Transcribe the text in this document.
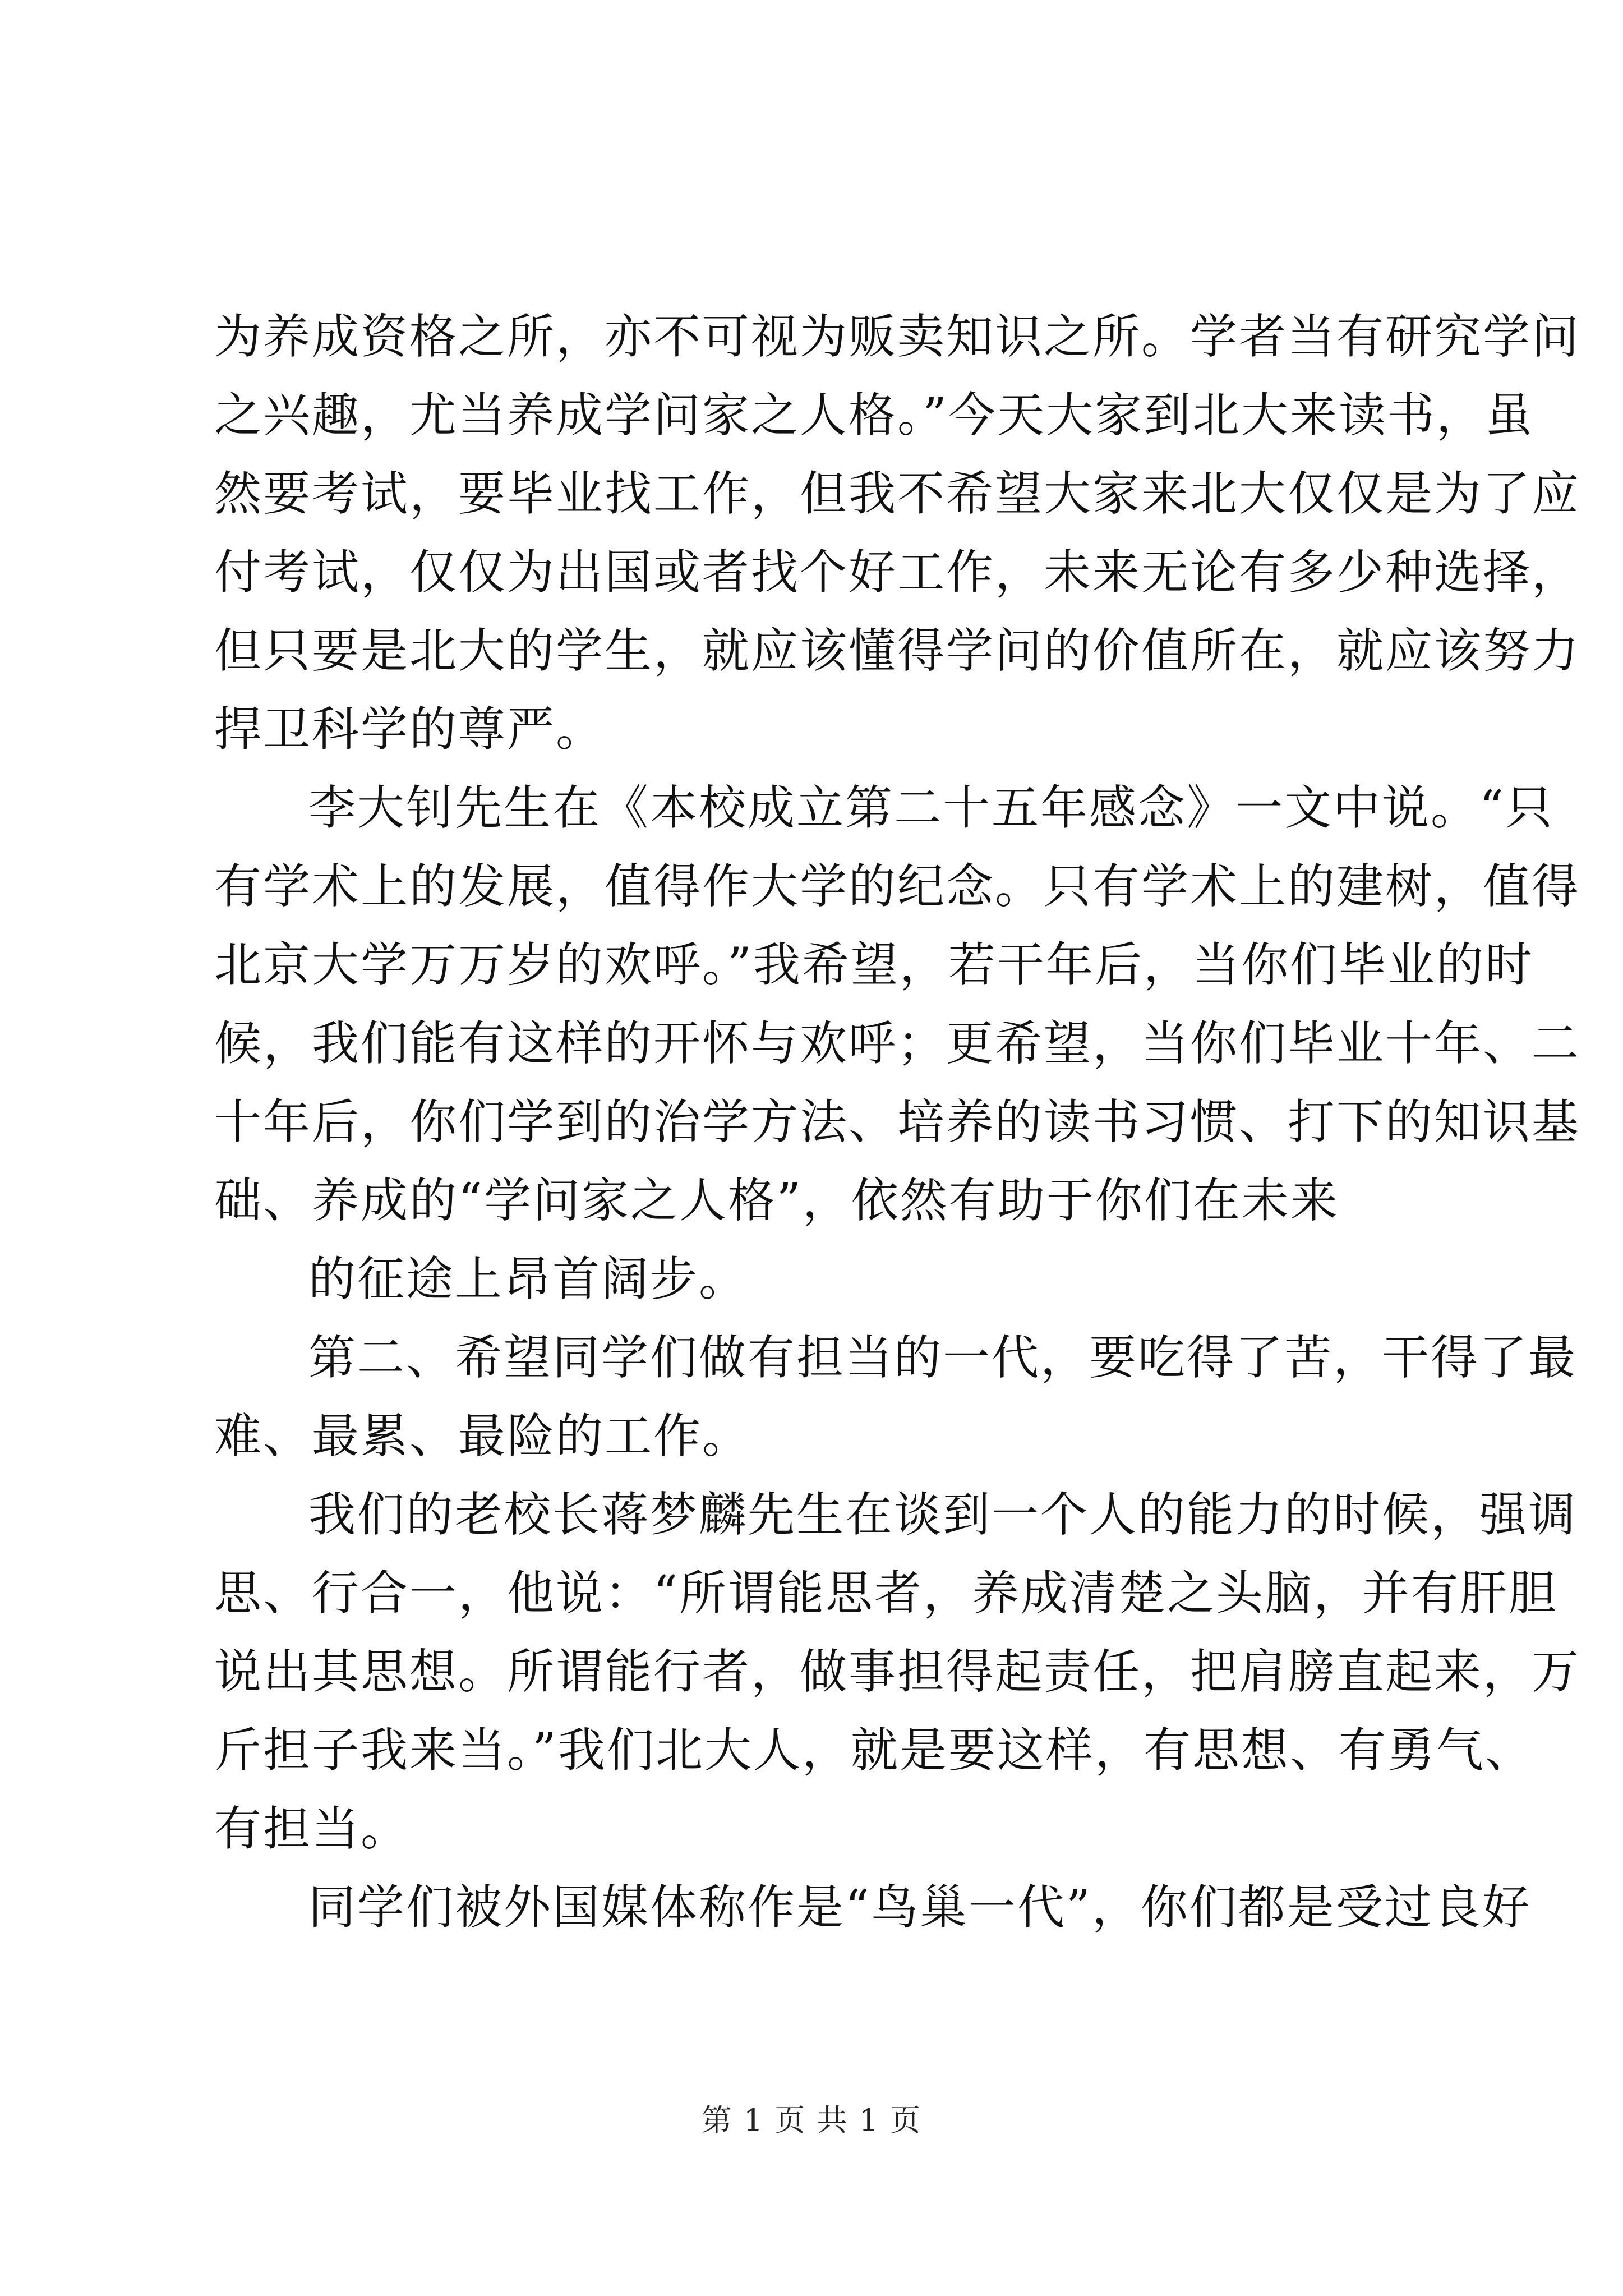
为养成资格之所，亦不可视为贩卖知识之所。学者当有研究学问
之兴趣，尤当养成学问家之人格。”今天大家到北大来读书，虽
然要考试，要毕业找工作，但我不希望大家来北大仅仅是为了应
付考试，仅仅为出国或者找个好工作，未来无论有多少种选择，
但只要是北大的学生，就应该懂得学问的价值所在，就应该努力
捍卫科学的尊严。
李大钊先生在《本校成立第二十五年感念》一文中说。“只
有学术上的发展，值得作大学的纪念。只有学术上的建树，值得
北京大学万万岁的欢呼。”我希望，若干年后，当你们毕业的时
候，我们能有这样的开怀与欢呼；更希望，当你们毕业十年、二
十年后，你们学到的治学方法、培养的读书习惯、打下的知识基
础、养成的“学问家之人格”，依然有助于你们在未来
的征途上昂首阔步。
第二、希望同学们做有担当的一代，要吃得了苦，干得了最
难、最累、最险的工作。
我们的老校长蒋梦麟先生在谈到一个人的能力的时候，强调
思、行合一，他说：“所谓能思者，养成清楚之头脑，并有肝胆
说出其思想。所谓能行者，做事担得起责任，把肩膀直起来，万
斤担子我来当。”我们北大人，就是要这样，有思想、有勇气、
有担当。
同学们被外国媒体称作是“鸟巢一代”，你们都是受过良好
第 1 页 共 1 页
